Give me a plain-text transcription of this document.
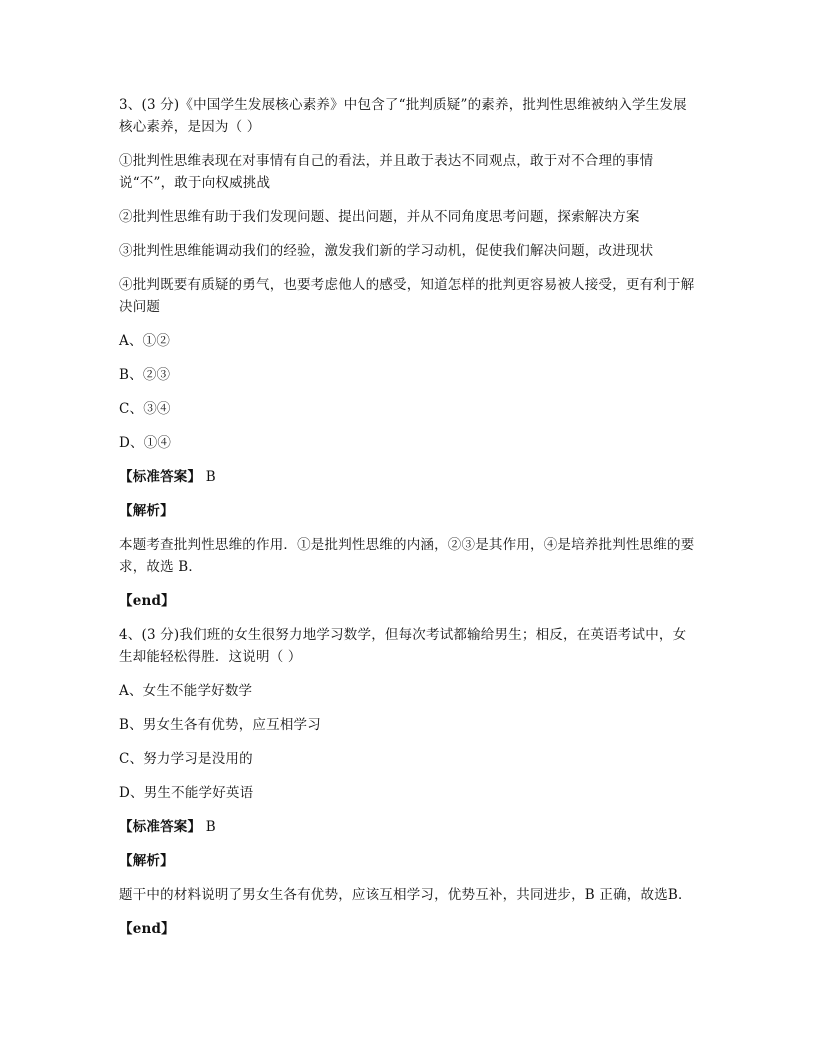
3、(3 分)《中国学生发展核心素养》中包含了“批判质疑”的素养，批判性思维被纳入学生发展核心素养，是因为（ ）

①批判性思维表现在对事情有自己的看法，并且敢于表达不同观点，敢于对不合理的事情说“不”，敢于向权威挑战

②批判性思维有助于我们发现问题、提出问题，并从不同角度思考问题，探索解决方案

③批判性思维能调动我们的经验，激发我们新的学习动机，促使我们解决问题，改进现状

④批判既要有质疑的勇气，也要考虑他人的感受，知道怎样的批判更容易被人接受，更有利于解决问题

A、①②

B、②③

C、③④

D、①④

【标准答案】 B

【解析】

本题考查批判性思维的作用．①是批判性思维的内涵，②③是其作用，④是培养批判性思维的要求，故选 B．

【end】

4、(3 分)我们班的女生很努力地学习数学，但每次考试都输给男生；相反，在英语考试中，女生却能轻松得胜．这说明（ ）

A、女生不能学好数学

B、男女生各有优势，应互相学习

C、努力学习是没用的

D、男生不能学好英语

【标准答案】 B

【解析】

题干中的材料说明了男女生各有优势，应该互相学习，优势互补，共同进步，B 正确，故选B．

【end】
